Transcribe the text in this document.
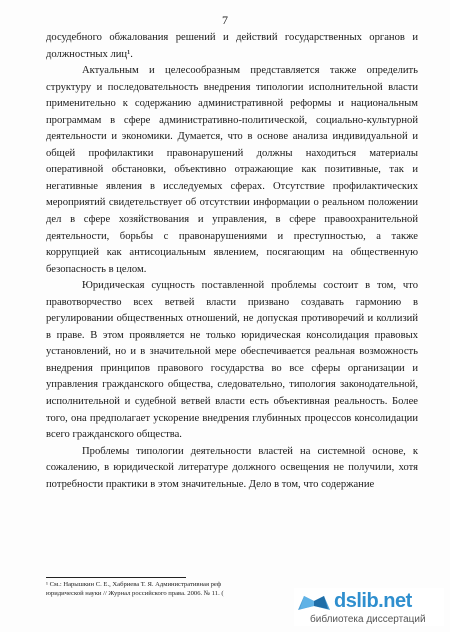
7

досудебного обжалования решений и действий государственных органов и должностных лиц¹.

Актуальным и целесообразным представляется также определить структуру и последовательность внедрения типологии исполнительной власти применительно к содержанию административной реформы и национальным программам в сфере административно-политической, социально-культурной деятельности и экономики. Думается, что в основе анализа индивидуальной и общей профилактики правонарушений должны находиться материалы оперативной обстановки, объективно отражающие как позитивные, так и негативные явления в исследуемых сферах. Отсутствие профилактических мероприятий свидетельствует об отсутствии информации о реальном положении дел в сфере хозяйствования и управления, в сфере правоохранительной деятельности, борьбы с правонарушениями и преступностью, а также коррупцией как антисоциальным явлением, посягающим на общественную безопасность в целом.

Юридическая сущность поставленной проблемы состоит в том, что правотворчество всех ветвей власти призвано создавать гармонию в регулировании общественных отношений, не допуская противоречий и коллизий в праве. В этом проявляется не только юридическая консолидация правовых установлений, но и в значительной мере обеспечивается реальная возможность внедрения принципов правового государства во все сферы организации и управления гражданского общества, следовательно, типология законодательной, исполнительной и судебной ветвей власти есть объективная реальность. Более того, она предполагает ускорение внедрения глубинных процессов консолидации всего гражданского общества.

Проблемы типологии деятельности властей на системной основе, к сожалению, в юридической литературе должного освещения не получили, хотя потребности практики в этом значительные. Дело в том, что содержание

¹ См.: Нарышкин С. Е., Хабриева Т. Я. Административная реф
юридической науки // Журнал российского права. 2006. № 11. (	dslib.net
библиотека диссертаций
